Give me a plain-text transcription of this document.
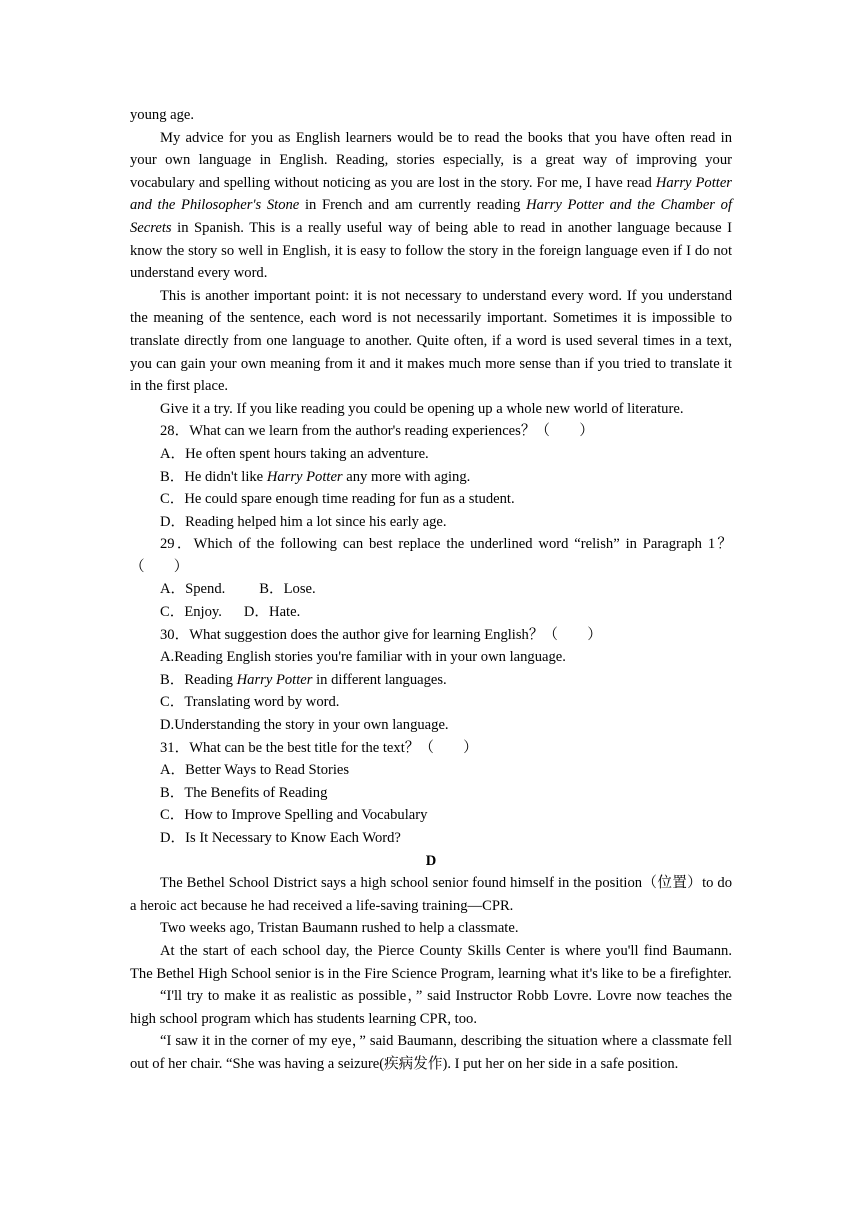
young age.

My advice for you as English learners would be to read the books that you have often read in your own language in English. Reading, stories especially, is a great way of improving your vocabulary and spelling without noticing as you are lost in the story. For me, I have read Harry Potter and the Philosopher's Stone in French and am currently reading Harry Potter and the Chamber of Secrets in Spanish. This is a really useful way of being able to read in another language because I know the story so well in English, it is easy to follow the story in the foreign language even if I do not understand every word.

This is another important point: it is not necessary to understand every word. If you understand the meaning of the sentence, each word is not necessarily important. Sometimes it is impossible to translate directly from one language to another. Quite often, if a word is used several times in a text, you can gain your own meaning from it and it makes much more sense than if you tried to translate it in the first place.

Give it a try. If you like reading you could be opening up a whole new world of literature.

28．What can we learn from the author's reading experiences？（　　）

A．He often spent hours taking an adventure.

B．He didn't like Harry Potter any more with aging.

C．He could spare enough time reading for fun as a student.

D．Reading helped him a lot since his early age.

29．Which of the following can best replace the underlined word “relish” in Paragraph 1？（　　）

A．Spend. B．Lose.

C．Enjoy. D．Hate.

30．What suggestion does the author give for learning English？（　　）

A.Reading English stories you're familiar with in your own language.

B．Reading Harry Potter in different languages.

C．Translating word by word.

D.Understanding the story in your own language.

31．What can be the best title for the text？（　　）

A．Better Ways to Read Stories

B．The Benefits of Reading

C．How to Improve Spelling and Vocabulary

D．Is It Necessary to Know Each Word?

D

The Bethel School District says a high school senior found himself in the position（位置）to do a heroic act because he had received a life-saving training—CPR.

Two weeks ago, Tristan Baumann rushed to help a classmate.

At the start of each school day, the Pierce County Skills Center is where you'll find Baumann. The Bethel High School senior is in the Fire Science Program, learning what it's like to be a firefighter.

“I'll try to make it as realistic as possible，” said Instructor Robb Lovre. Lovre now teaches the high school program which has students learning CPR, too.

“I saw it in the corner of my eye，” said Baumann, describing the situation where a classmate fell out of her chair. “She was having a seizure(疾病发作). I put her on her side in a safe position.
